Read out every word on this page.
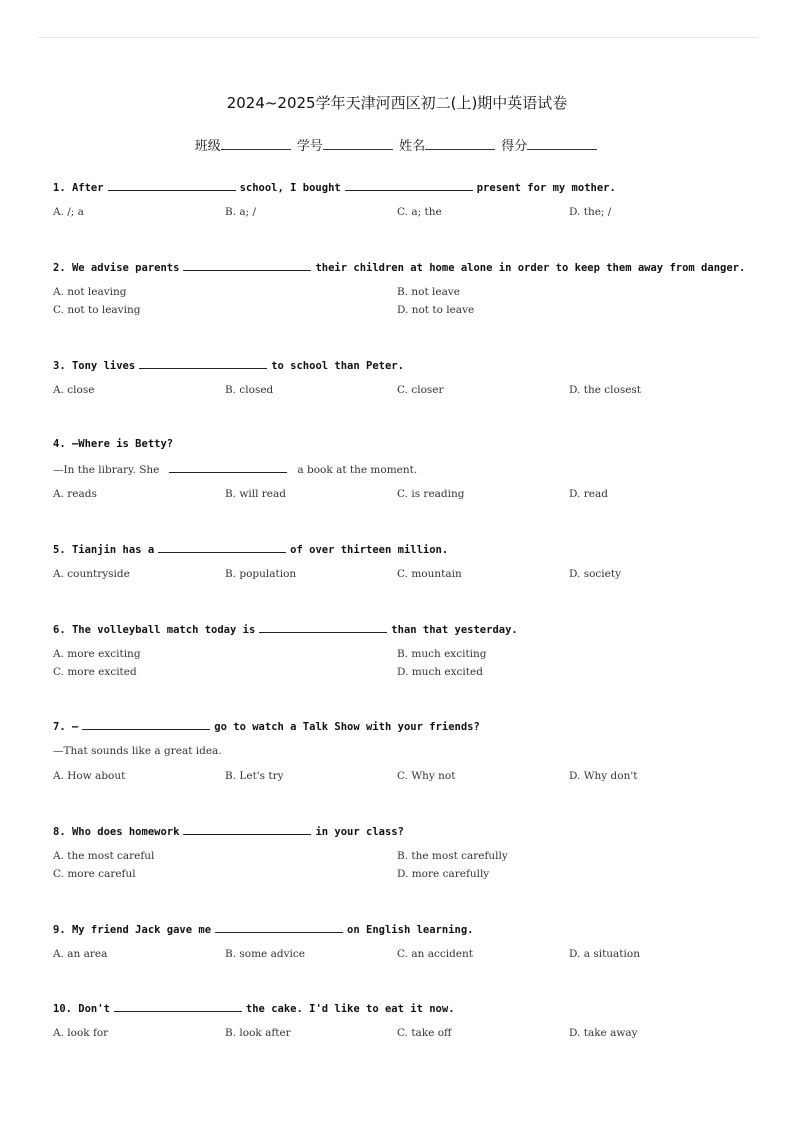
2024~2025学年天津河西区初二(上)期中英语试卷
班级	学号	姓名	得分
1. After	school, I bought	present for my mother.
A. /; a	B. a; /	C. a; the	D. the; /
2. We advise parents	their children at home alone in order to keep them away from danger.
A. not leaving	B. not leave
C. not to leaving	D. not to leave
3. Tony lives	to school than Peter.
A. close	B. closed	C. closer	D. the closest
4. —Where is Betty?
—In the library. She	a book at the moment.
A. reads	B. will read	C. is reading	D. read
5. Tianjin has a	of over thirteen million.
A. countryside	B. population	C. mountain	D. society
6. The volleyball match today is	than that yesterday.
A. more exciting	B. much exciting
C. more excited	D. much excited
7. —	go to watch a Talk Show with your friends?
—That sounds like a great idea.
A. How about	B. Let's try	C. Why not	D. Why don't
8. Who does homework	in your class?
A. the most careful	B. the most carefully
C. more careful	D. more carefully
9. My friend Jack gave me	on English learning.
A. an area	B. some advice	C. an accident	D. a situation
10. Don't	the cake. I'd like to eat it now.
A. look for	B. look after	C. take off	D. take away
